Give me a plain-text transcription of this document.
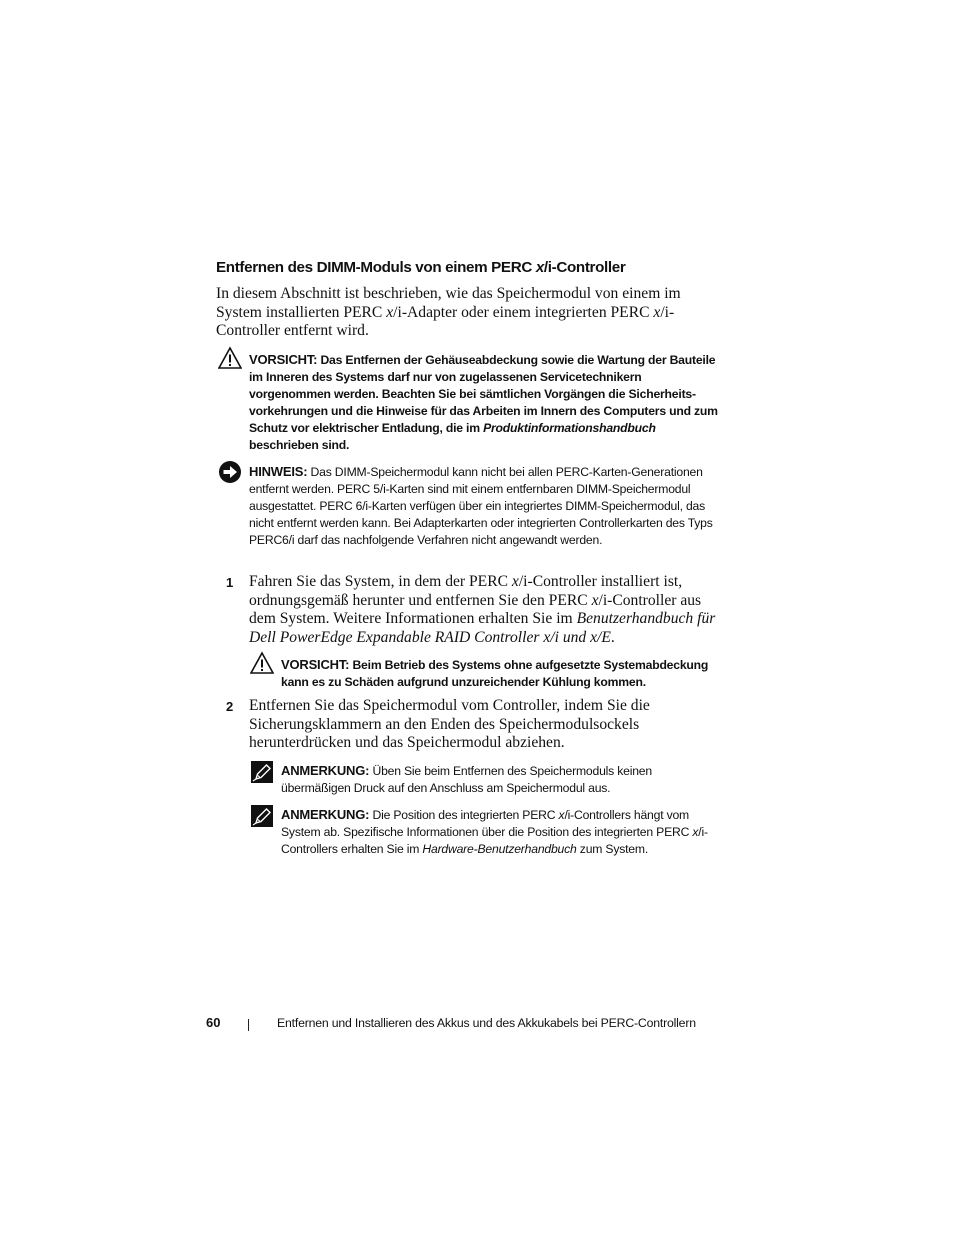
Entfernen des DIMM-Moduls von einem PERC x/i-Controller
In diesem Abschnitt ist beschrieben, wie das Speichermodul von einem im System installierten PERC x/i-Adapter oder einem integrierten PERC x/i-Controller entfernt wird.
VORSICHT: Das Entfernen der Gehäuseabdeckung sowie die Wartung der Bauteile im Inneren des Systems darf nur von zugelassenen Servicetechnikern vorgenommen werden. Beachten Sie bei sämtlichen Vorgängen die Sicherheits-vorkehrungen und die Hinweise für das Arbeiten im Innern des Computers und zum Schutz vor elektrischer Entladung, die im Produktinformationshandbuch beschrieben sind.
HINWEIS: Das DIMM-Speichermodul kann nicht bei allen PERC-Karten-Generationen entfernt werden. PERC 5/i-Karten sind mit einem entfernbaren DIMM-Speichermodul ausgestattet. PERC 6/i-Karten verfügen über ein integriertes DIMM-Speichermodul, das nicht entfernt werden kann. Bei Adapterkarten oder integrierten Controllerkarten des Typs PERC6/i darf das nachfolgende Verfahren nicht angewandt werden.
1 Fahren Sie das System, in dem der PERC x/i-Controller installiert ist, ordnungsgemäß herunter und entfernen Sie den PERC x/i-Controller aus dem System. Weitere Informationen erhalten Sie im Benutzerhandbuch für Dell PowerEdge Expandable RAID Controller x/i und x/E.
VORSICHT: Beim Betrieb des Systems ohne aufgesetzte Systemabdeckung kann es zu Schäden aufgrund unzureichender Kühlung kommen.
2 Entfernen Sie das Speichermodul vom Controller, indem Sie die Sicherungsklammern an den Enden des Speichermodulsockels herunterdrücken und das Speichermodul abziehen.
ANMERKUNG: Üben Sie beim Entfernen des Speichermoduls keinen übermäßigen Druck auf den Anschluss am Speichermodul aus.
ANMERKUNG: Die Position des integrierten PERC x/i-Controllers hängt vom System ab. Spezifische Informationen über die Position des integrierten PERC x/i-Controllers erhalten Sie im Hardware-Benutzerhandbuch zum System.
60	Entfernen und Installieren des Akkus und des Akkukabels bei PERC-Controllern
